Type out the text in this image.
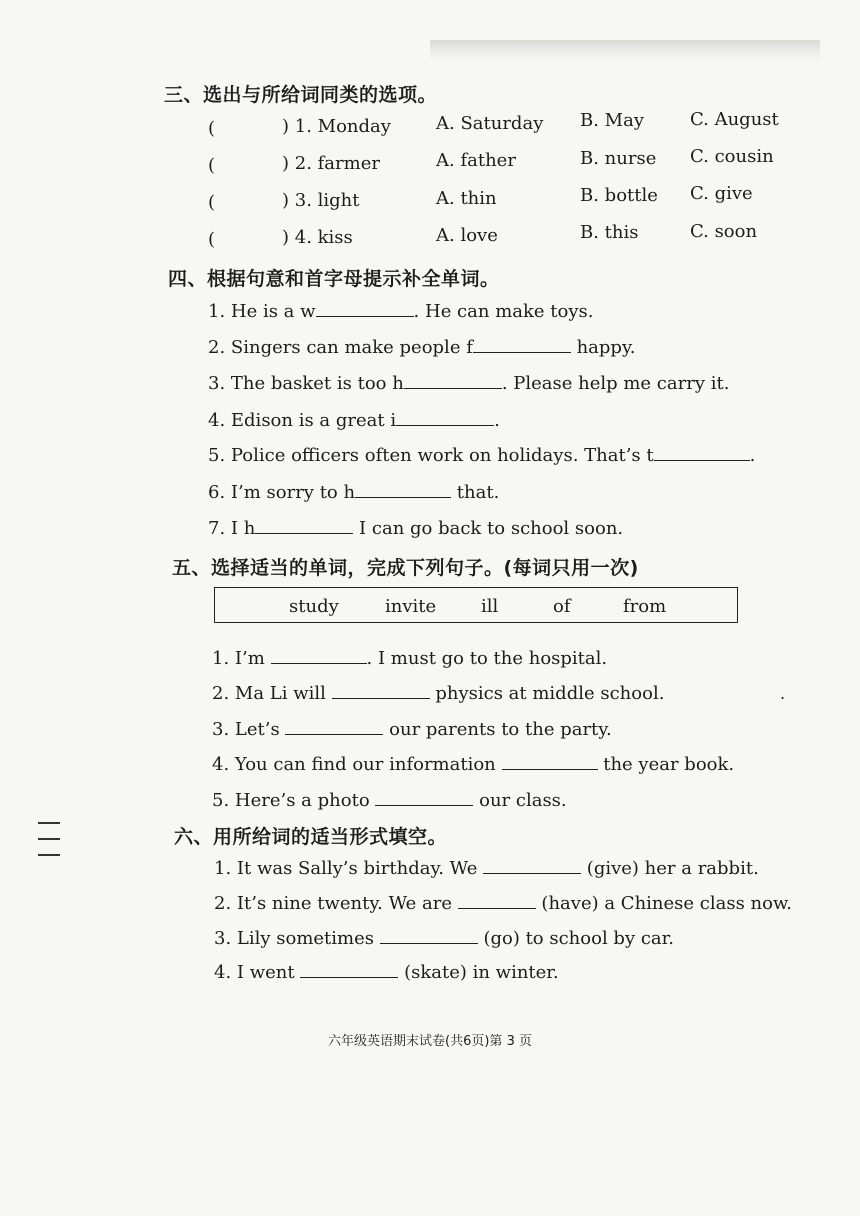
三、选出与所给词同类的选项。
(	) 1. Monday	A. Saturday B. May	C. August
(	) 2. farmer	A. father	B. nurse C. cousin
(	) 3. light	A. thin	B. bottle C. give
(	) 4. kiss	A. love	B. this	C. soon
四、根据句意和首字母提示补全单词。
1. He is a w	. He can make toys.
2. Singers can make people f	happy.
3. The basket is too h	. Please help me carry it.
4. Edison is a great i	.
5. Police officers often work on holidays. That’s t	.
6. I’m sorry to h	that.
7. I h	I can go back to school soon.
五、选择适当的单词，完成下列句子。(每词只用一次)
study	invite ill	of	from
1. I’m	. I must go to the hospital.
2. Ma Li will	physics at middle school.
3. Let’s	our parents to the party.
4. You can find our information	the year book.
5. Here’s a photo	our class.
.
六、用所给词的适当形式填空。
1. It was Sally’s birthday. We	(give) her a rabbit.
2. It’s nine twenty. We are	(have) a Chinese class now.
3. Lily sometimes	(go) to school by car.
4. I went	(skate) in winter.
六年级英语期末试卷(共6页)第 3 页
